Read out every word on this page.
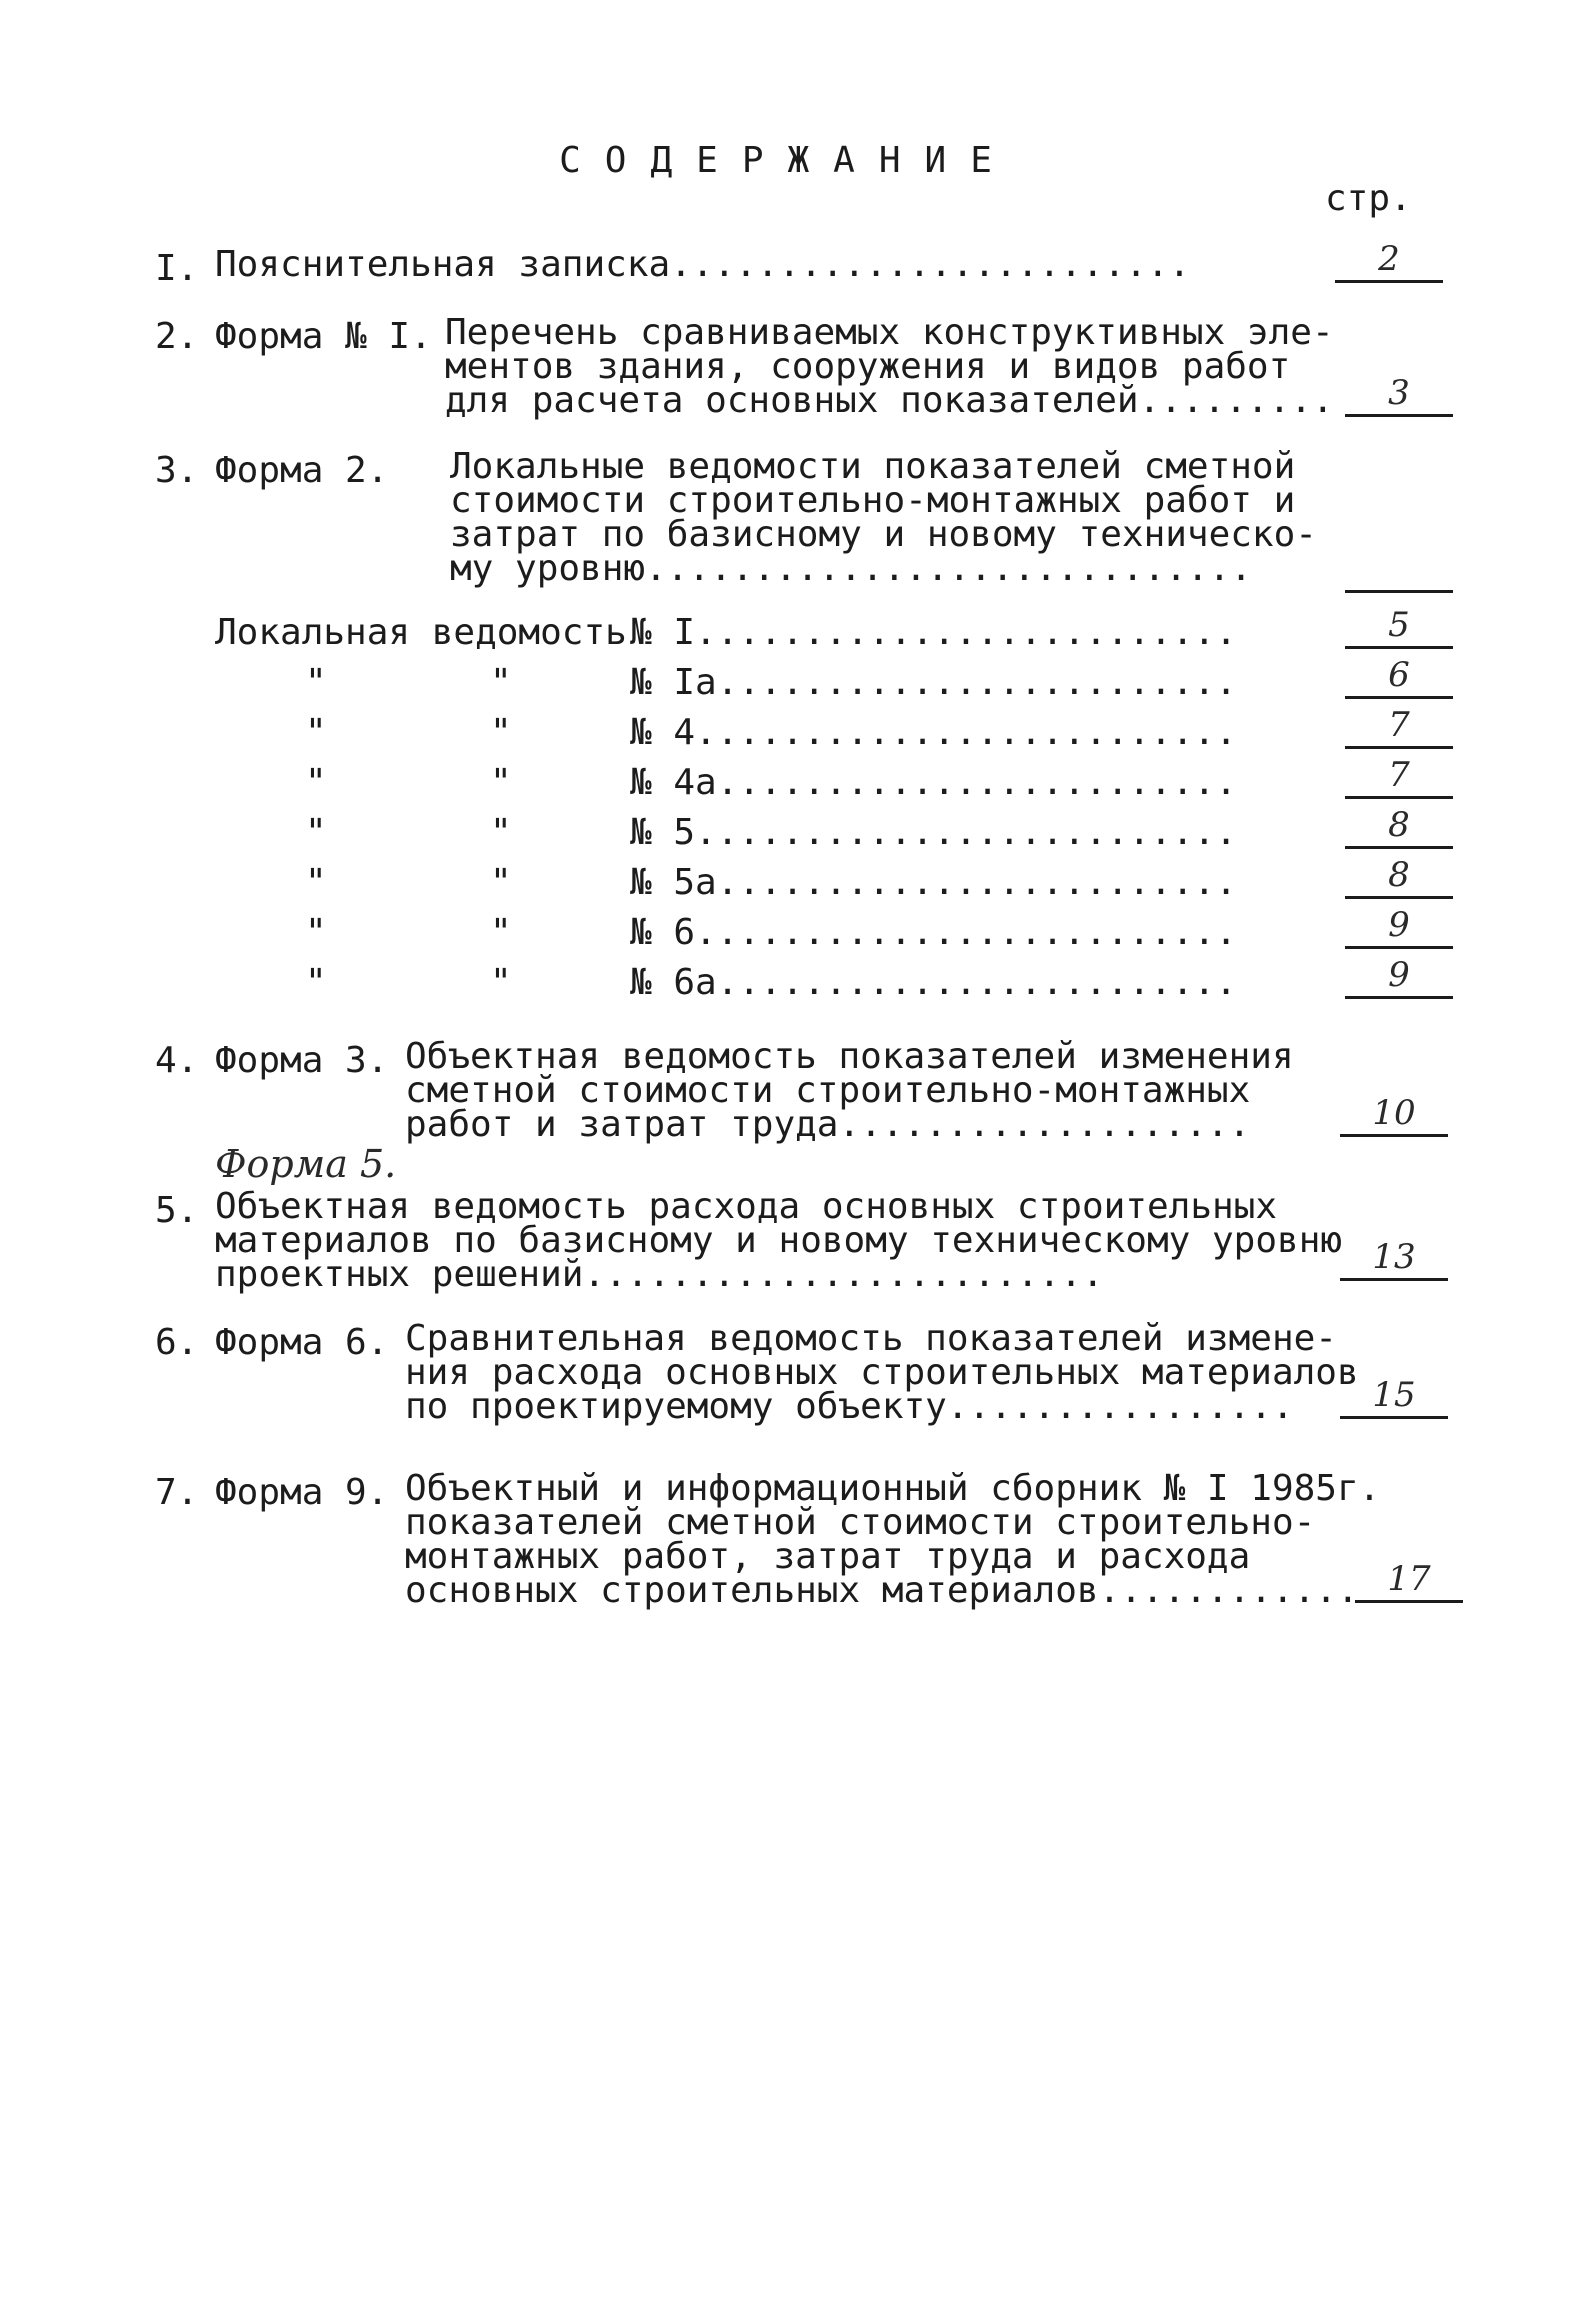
СОДЕРЖАНИЕ
стр.
I. Пояснительная записка........................	2
2. Форма № I. Перечень сравниваемых конструктивных эле-
ментов здания, сооружения и видов работ
для расчета основных показателей.........	3
3. Форма 2. Локальные ведомости показателей сметной
стоимости строительно-монтажных работ и
затрат по базисному и новому техническо-
му уровню............................
Локальная ведомость № I.........................	5
"	"	№ Iа........................	6
"	"	№ 4.........................	7
"	"	№ 4а........................	7
"	"	№ 5.........................	8
"	"	№ 5а........................	8
"	"	№ 6.........................	9
"	"	№ 6а........................	9
4. Форма 3. Объектная ведомость показателей изменения
сметной стоимости строительно-монтажных
работ и затрат труда...................	10
Форма 5.
5. Объектная ведомость расхода основных строительных
материалов по базисному и новому техническому уровню
проектных решений........................	13
6. Форма 6. Сравнительная ведомость показателей измене-
ния расхода основных строительных материалов
по проектируемому объекту................	15
7. Форма 9. Объектный и информационный сборник № I 1985г.
показателей сметной стоимости строительно-
монтажных работ, затрат труда и расхода
основных строительных материалов............ 17
